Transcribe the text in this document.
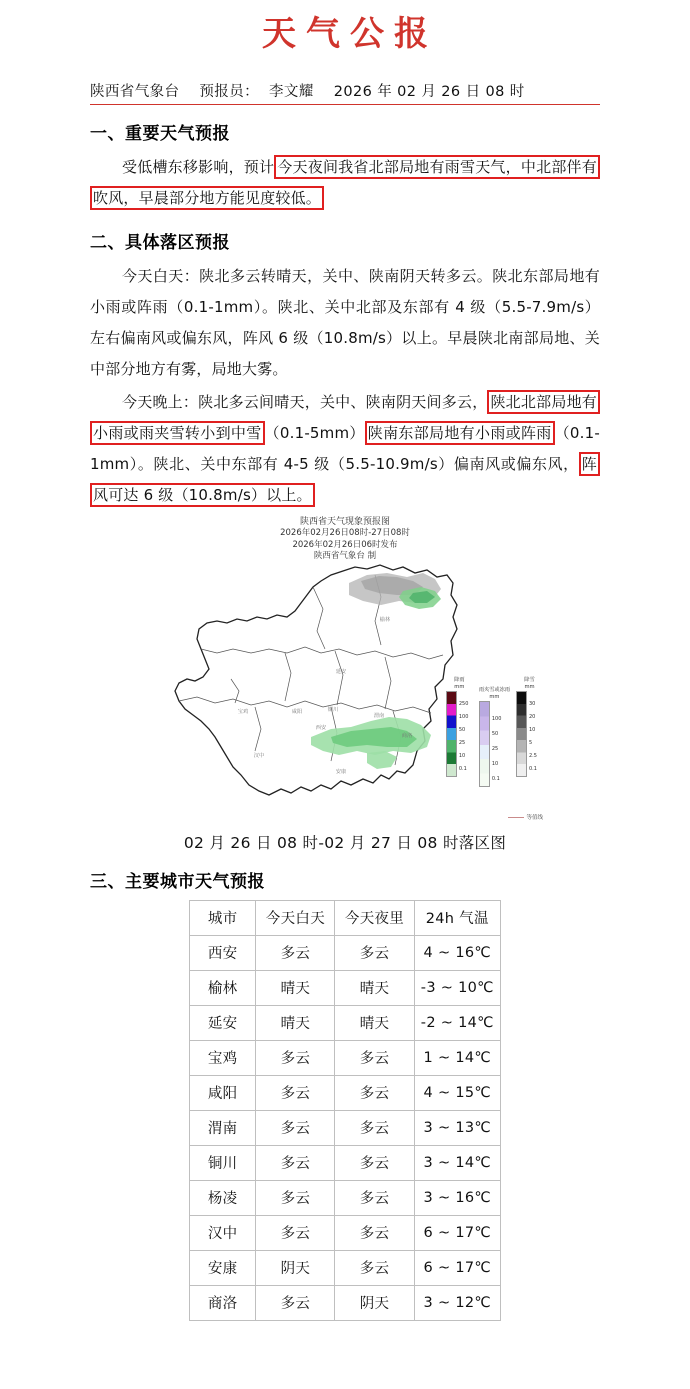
天气公报
陕西省气象台 预报员： 李文耀 2026 年 02 月 26 日 08 时
一、重要天气预报

受低槽东移影响，预计 今天夜间我省北部局地有雨雪天气，中北部伴有吹风，早晨部分地方能见度较低。

二、具体落区预报

今天白天：陕北多云转晴天，关中、陕南阴天转多云。陕北东部局地有小雨或阵雨（0.1-1mm）。陕北、关中北部及东部有 4 级（5.5-7.9m/s）左右偏南风或偏东风，阵风 6 级（10.8m/s）以上。早晨陕北南部局地、关中部分地方有雾，局地大雾。

今天晚上：陕北多云间晴天，关中、陕南阴天间多云， 陕北北部局地有小雨或雨夹雪转小到中雪 （0.1-5mm） 陕南东部局地有小雨或阵雨 （0.1-1mm）。陕北、关中东部有 4-5 级（5.5-10.9m/s）偏南风或偏东风， 阵风可达 6 级（10.8m/s）以上。

陕西省天气现象预报图
2026年02月26日08时-27日08时
2026年02月26日06时发布
陕西省气象台 制
榆林
延安
铜川
宝鸡	咸阳
西安
渭南
商洛
汉中
安康
降雨
mm
250
100
50
25
10
0.1
雨夹雪或冻雨
mm
100
50
25
10
0.1
降雪
mm
30
20
10
5
2.5
0.1
等值线
02 月 26 日 08 时-02 月 27 日 08 时落区图
三、主要城市天气预报
城市	今天白天	今天夜里	24h 气温
西安	多云	多云	4 ~ 16℃
榆林	晴天	晴天	-3 ~ 10℃
延安	晴天	晴天	-2 ~ 14℃
宝鸡	多云	多云	1 ~ 14℃
咸阳	多云	多云	4 ~ 15℃
渭南	多云	多云	3 ~ 13℃
铜川	多云	多云	3 ~ 14℃
杨凌	多云	多云	3 ~ 16℃
汉中	多云	多云	6 ~ 17℃
安康	阴天	多云	6 ~ 17℃
商洛	多云	阴天	3 ~ 12℃
